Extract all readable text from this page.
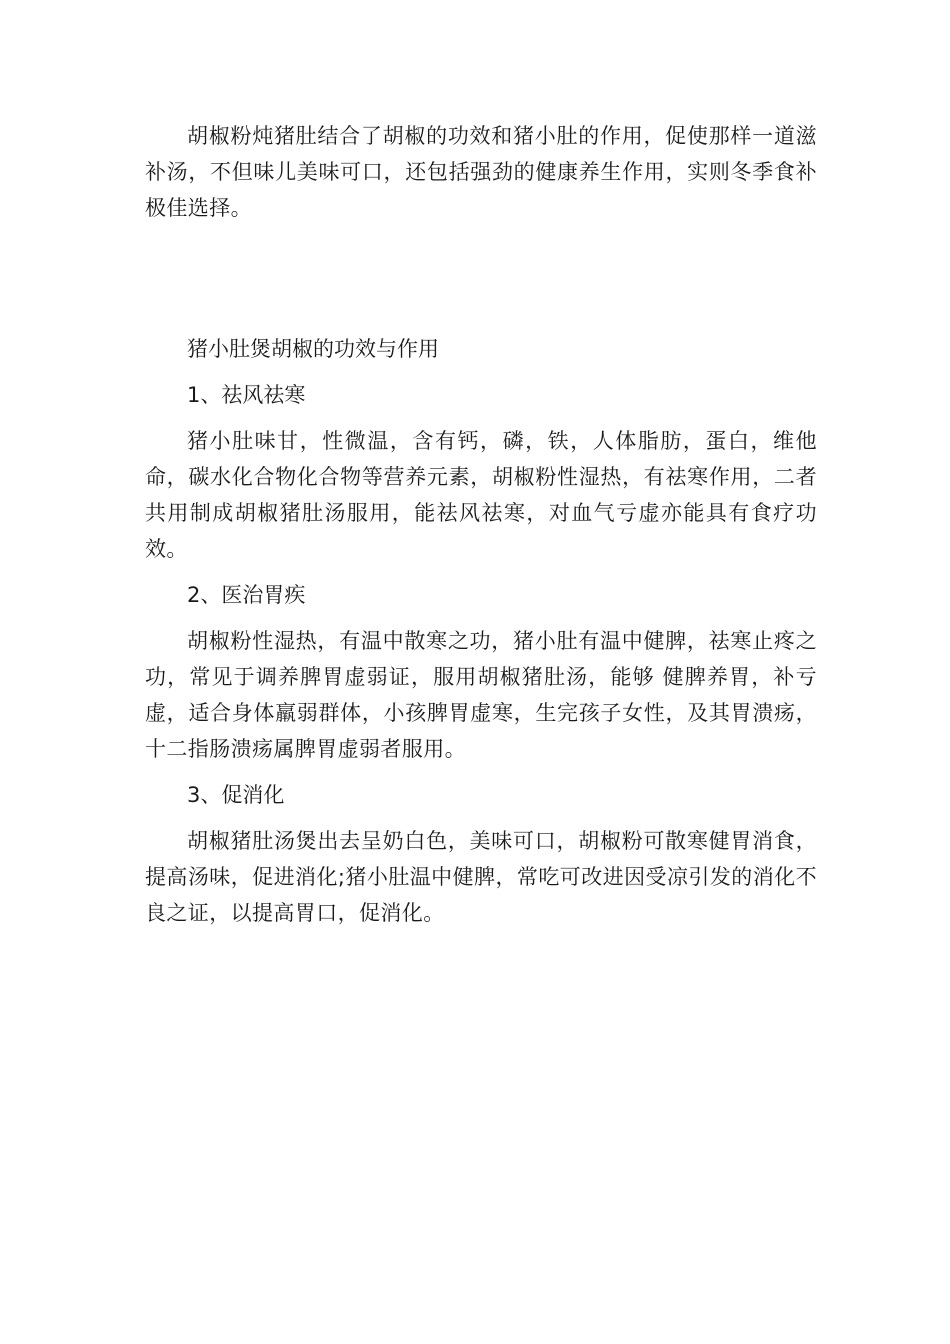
胡椒粉炖猪肚结合了胡椒的功效和猪小肚的作用，促使那样一道滋补汤，不但味儿美味可口，还包括强劲的健康养生作用，实则冬季食补极佳选择。

猪小肚煲胡椒的功效与作用

1、祛风祛寒

猪小肚味甘，性微温，含有钙，磷，铁，人体脂肪，蛋白，维他命，碳水化合物化合物等营养元素，胡椒粉性湿热，有祛寒作用，二者共用制成胡椒猪肚汤服用，能祛风祛寒，对血气亏虚亦能具有食疗功效。

2、医治胃疾

胡椒粉性湿热，有温中散寒之功，猪小肚有温中健脾，祛寒止疼之功，常见于调养脾胃虚弱证，服用胡椒猪肚汤，能够 健脾养胃，补亏虚，适合身体羸弱群体，小孩脾胃虚寒，生完孩子女性，及其胃溃疡，十二指肠溃疡属脾胃虚弱者服用。

3、促消化

胡椒猪肚汤煲出去呈奶白色，美味可口，胡椒粉可散寒健胃消食，提高汤味，促进消化;猪小肚温中健脾，常吃可改进因受凉引发的消化不良之证，以提高胃口，促消化。
